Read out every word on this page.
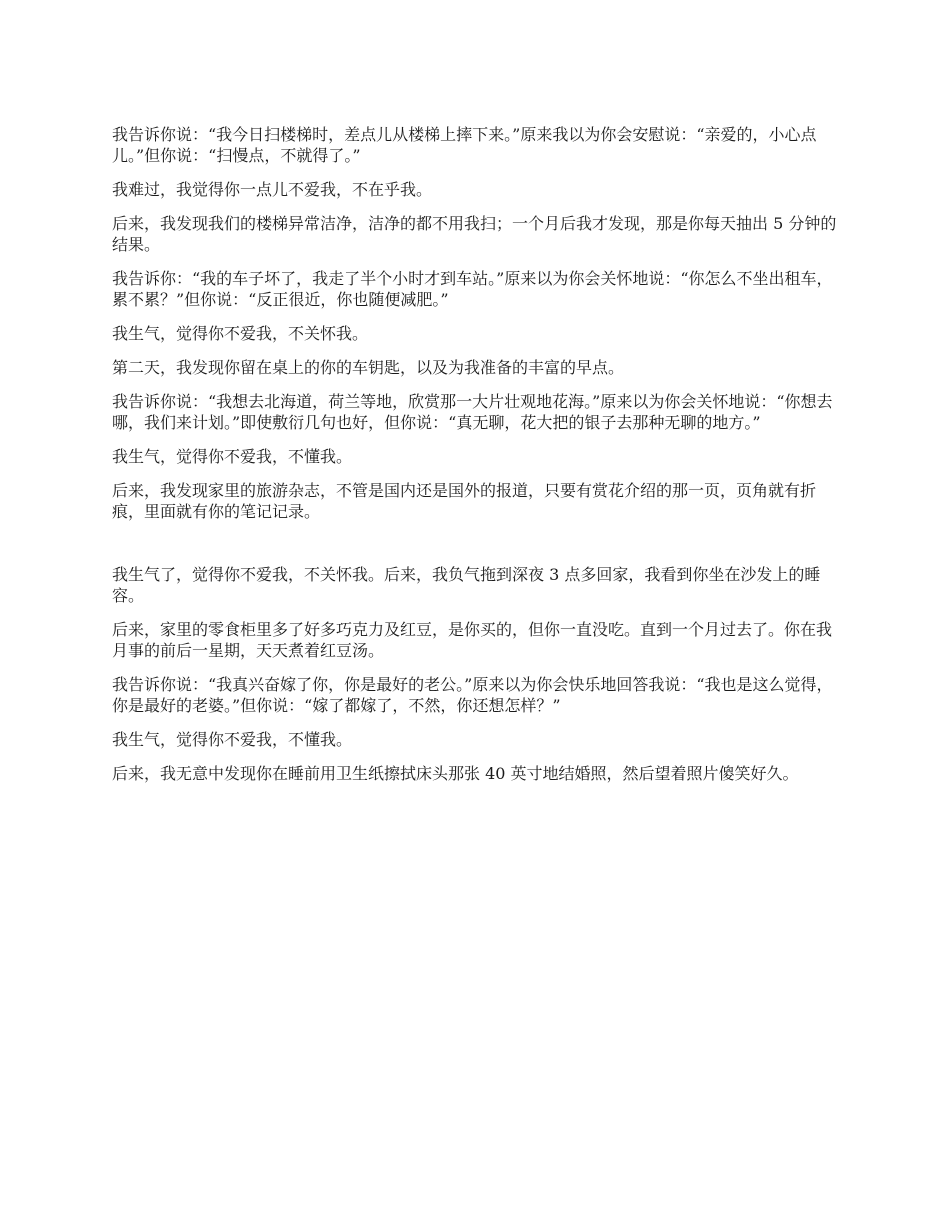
我告诉你说：“我今日扫楼梯时，差点儿从楼梯上摔下来。”原来我以为你会安慰说：“亲爱的，小心点儿。”但你说：“扫慢点，不就得了。”

我难过，我觉得你一点儿不爱我，不在乎我。

后来，我发现我们的楼梯异常洁净，洁净的都不用我扫；一个月后我才发现，那是你每天抽出 5 分钟的结果。

我告诉你：“我的车子坏了，我走了半个小时才到车站。”原来以为你会关怀地说：“你怎么不坐出租车，累不累？”但你说：“反正很近，你也随便减肥。”

我生气，觉得你不爱我，不关怀我。

第二天，我发现你留在桌上的你的车钥匙，以及为我准备的丰富的早点。

我告诉你说：“我想去北海道，荷兰等地，欣赏那一大片壮观地花海。”原来以为你会关怀地说：“你想去哪，我们来计划。”即使敷衍几句也好，但你说：“真无聊，花大把的银子去那种无聊的地方。”

我生气，觉得你不爱我，不懂我。

后来，我发现家里的旅游杂志，不管是国内还是国外的报道，只要有赏花介绍的那一页，页角就有折痕，里面就有你的笔记记录。

我生气了，觉得你不爱我，不关怀我。后来，我负气拖到深夜 3 点多回家，我看到你坐在沙发上的睡容。

后来，家里的零食柜里多了好多巧克力及红豆，是你买的，但你一直没吃。直到一个月过去了。你在我月事的前后一星期，天天煮着红豆汤。

我告诉你说：“我真兴奋嫁了你，你是最好的老公。”原来以为你会快乐地回答我说：“我也是这么觉得，你是最好的老婆。”但你说：“嫁了都嫁了，不然，你还想怎样？”

我生气，觉得你不爱我，不懂我。

后来，我无意中发现你在睡前用卫生纸擦拭床头那张 40 英寸地结婚照，然后望着照片傻笑好久。
